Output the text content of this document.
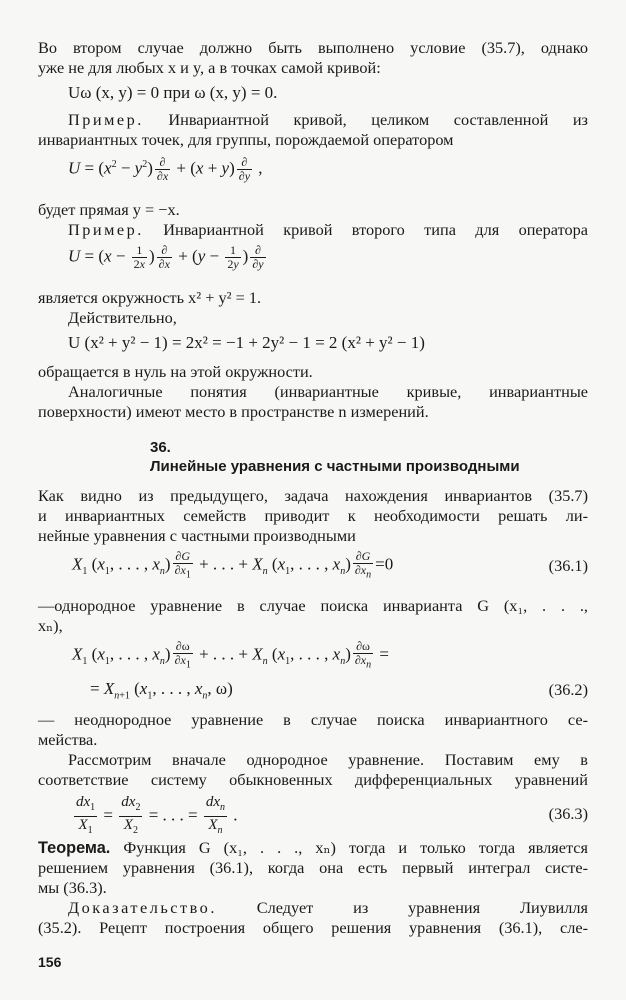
Во втором случае должно быть выполнено условие (35.7), однако
уже не для любых x и y, а в точках самой кривой:
Uω (x, y) = 0 при ω (x, y) = 0.
Пример. Инвариантной кривой, целиком составленной из
инвариантных точек, для группы, порождаемой оператором
$U = (x^2 - y^2)$ ∂
∂x + (x + y) ∂
∂y ,
будет прямая y = −x.
Пример. Инвариантной кривой второго типа для оператора
$U = (x - \frac{1}{2x}$ ) ∂
$\partial x + (y - \frac{1}{2y}$ ) ∂
∂y
является окружность x² + y² = 1.
Действительно,
U (x² + y² − 1) = 2x² = −1 + 2y² − 1 = 2 (x² + y² − 1)
обращается в нуль на этой окружности.
Аналогичные понятия (инвариантные кривые, инвариантные
поверхности) имеют место в пространстве n измерений.
36.
Линейные уравнения с частными производными
Как видно из предыдущего, задача нахождения инвариантов (35.7)
и инвариантных семейств приводит к необходимости решать ли-
нейные уравнения с частными производными
$X_1$ ($x_1$, . . . , $x_n) \frac{\partial G}{\partial x_1}$ + . . . + $X_n$ ($x_1$, . . . , $x_n) \frac{\partial G}{\partial x_n} =0$	(36.1)
—однородное уравнение в случае поиска инварианта G (x₁, . . .,
xₙ),
$X_1$ ($x_1$, . . . , $x_n) \frac{\partial\omega}{\partial x_1}$ + . . . + $X_n$ ($x_1$, . . . , $x_n) \frac{\partial\omega}{\partial x_n}$ =
= $X_{n+1}$ ($x_1$, . . . , $x_n$, ω)	(36.2)
— неоднородное уравнение в случае поиска инвариантного се-
мейства.
Рассмотрим вначале однородное уравнение. Поставим ему в
соответствие систему обыкновенных дифференциальных уравнений
$\frac{dx_1}{X_1} = \frac{dx_2}{X_2}$ = . . . =
$dx_n$
$X_n$
.	(36.3)
Теорема. Функция G (x₁, . . ., xₙ) тогда и только тогда является
решением уравнения (36.1), когда она есть первый интеграл систе-
мы (36.3).
Доказательство. Следует из уравнения Лиувилля
(35.2). Рецепт построения общего решения уравнения (36.1), сле-
156
